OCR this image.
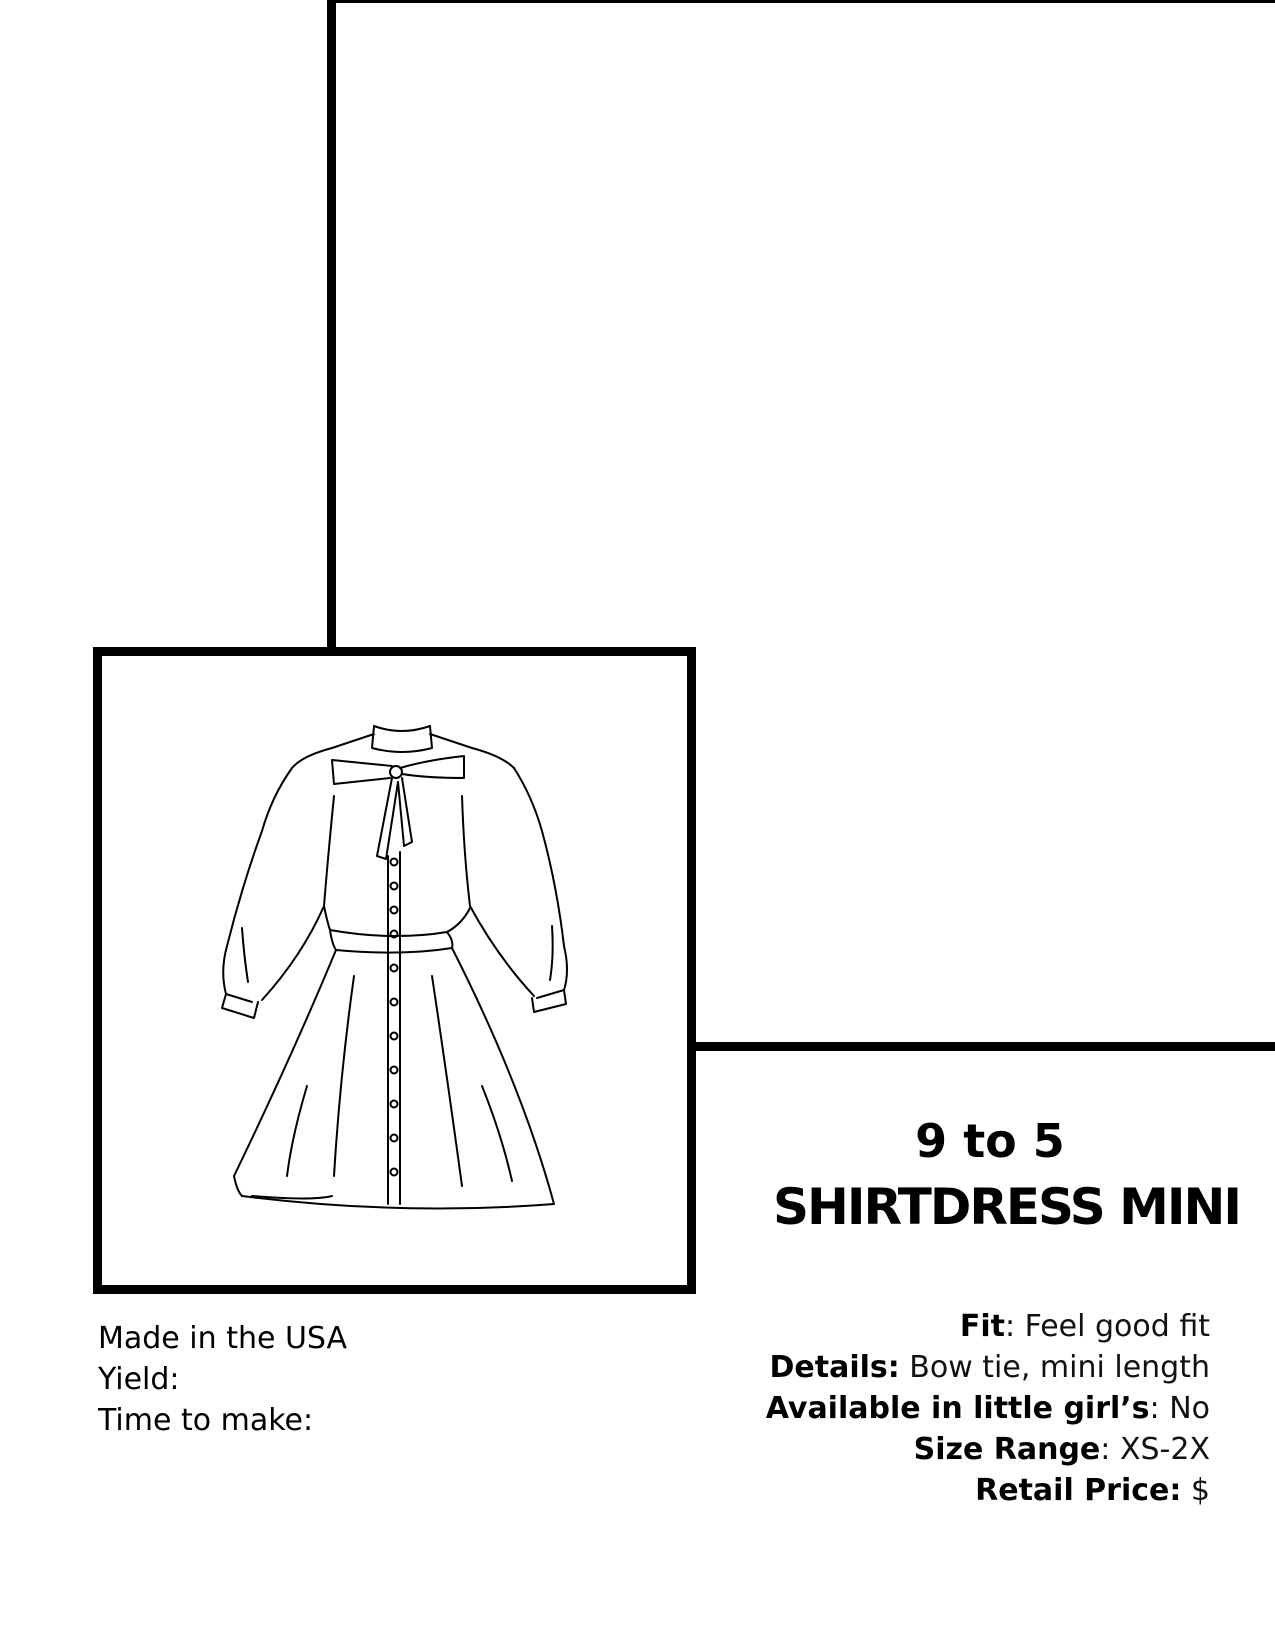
9 to 5
SHIRTDRESS MINI
Made in the USA
Yield:
Time to make:
Fit: Feel good fit
Details: Bow tie, mini length
Available in little girl’s: No
Size Range: XS-2X
Retail Price: $
